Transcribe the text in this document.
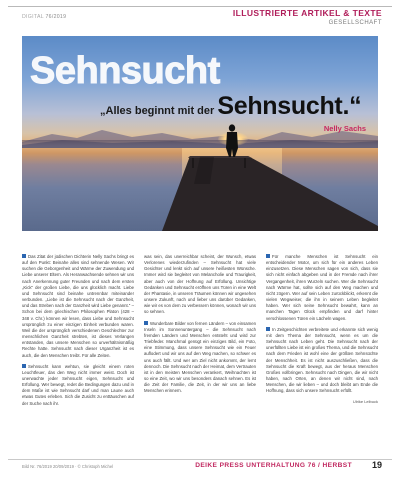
DIGITAL 76/2019	ILLUSTRIERTE ARTIKEL & TEXTE
GESELLSCHAFT
Sehnsucht
„Alles beginnt mit der Sehnsucht.“
Nelly Sachs

Das Zitat der jüdischen Dichterin Nelly Sachs bringt es auf den Punkt: Beinahe alles sind sehnende Wesen. Wir suchen die Geborgenheit und Wärme der Zuwendung und Liebe unserer Eltern. Als Heranwachsende sehnen wir uns nach Anerkennung guter Freunden und nach dem ersten „Kick“ der großen Liebe, die uns glücklich macht. Liebe und Sehnsucht sind beinahe untrennbar miteinander verbunden. „Liebe ist die Sehnsucht nach der Ganzheit, und das Streben nach der Ganzheit wird Liebe genannt.“ – Schon bei dem griechischen Philosophen Platon (428 – 348 v. Chr.) können wir lesen, dass Liebe und Sehnsucht ursprünglich zu einer einzigen Einheit verbunden waren. Weil die der ursprünglich verschiedenen Geschlechter zur menschlichen Ganzheit strebten, ist dieses Verlangen entstanden, das unsere Menschen so unverhältnismäßig Rechte hatte. Sehnsucht nach dieser Urganzheit ist es auch, die den Menschen treibt. Für alle Zeiten.

Sehnsucht kann wehtun, sie gleicht einem roten Leuchtfeuer, das den Weg nicht immer weist. Doch ist unerwachte jeder Sehnsucht eigen, Sehnsucht und Erfüllung. Wer bewegt, redet die Bedingungen dazu und in dem Maße ist wie Sehnsucht darf und man Laune auch etwas Gutes erleben. Sich die Zusicht zu enttäuschen auf der Suche nach ihr.

was sein, das unerreichbar scheint, der Wunsch, etwas Verlorenes wiederzufinden – Sehnsucht hat viele Gesichter und lenkt sich auf unsere heißesten Wünsche. Immer wird sie begleitet von Melancholie und Traurigkeit, aber auch von der Hoffnung auf Erfüllung. Unsichtige Gedanken und Sehnsucht eröffnen uns Türen in eine Welt der Phantasie, in unseren Träumen können wir ungesehen unsere Zukunft, nach und lieber uns darüber Gedanken, wie wir es von dem zu verbessern können, wonach wir uns so sehnen.

Wunderbare Bilder von fernen Ländern – von einsamen Inseln im Sonnenuntergang – die Sehnsucht nach fremden Ländern und Menschen entsteht und wird zur Triebfeder. Manchmal genügt ein einziges Bild, ein Foto, eine Stimmung, dass unsere Sehnsucht wie ein Feuer auflodert und wir uns auf den Weg machen, so schwer es uns auch fällt. Und wer am Ziel nicht ankommt, der lernt dennoch. Die Sehnsucht nach der Heimat, dem Vertrauten ist in den meisten Menschen verankert, Weihnachten ist so eine Zeit, wo wir uns besonders danach sehnen. Es ist die Zeit der Familie, die Zeit, in der wir uns an liebe Menschen erinnern.

Für manche Menschen ist Sehnsucht ein entscheidender Motor, um sich für ein anderes Leben einzusetzen. Diese Menschen sagen von sich, dass sie sich nicht einfach abgeben und in der Fremde nach ihrer Vergangenheit, ihren Wurzeln suchen. Wer die Sehnsucht nach Wärme hat, sollte sich auf den Weg machen und nicht zögern. Wer auf sein Leben zurückblickt, erkennt die vielen Wegweiser, die ihn in seinem Leben begleitet haben. Wer sich seine Sehnsucht bewahrt, kann an manchen Tagen Glück empfinden und darf hinter verschlossenen Türen ein Lächeln wagen.

In Zeitgeschichten verbreitete und erkannte sich wenig mit dem Thema der Sehnsucht, wenn es um die Sehnsucht nach Leben geht. Die Sehnsucht nach der unerfüllten Liebe ist ein großes Thema, und die Sehnsucht nach dem Frieden ist wohl eine der größten Sehnsüchte der Menschheit. Es ist nicht auszuschließen, dass die Sehnsucht die Kraft bewegt, aus der heraus Menschen Großes vollbringen. Sehnsucht nach Dingen, die wir nicht haben, nach Orten, an denen wir nicht sind, nach Menschen, die wir lieben – und doch bleibt am Ende die Hoffnung, dass sich unsere Sehnsucht erfüllt.

Ulrike Lelbuck
Bild Nr. 76/2019 20/09/2019 · © Christoph Michel	DEIKE PRESS UNTERHALTUNG 76 / HERBST 19
